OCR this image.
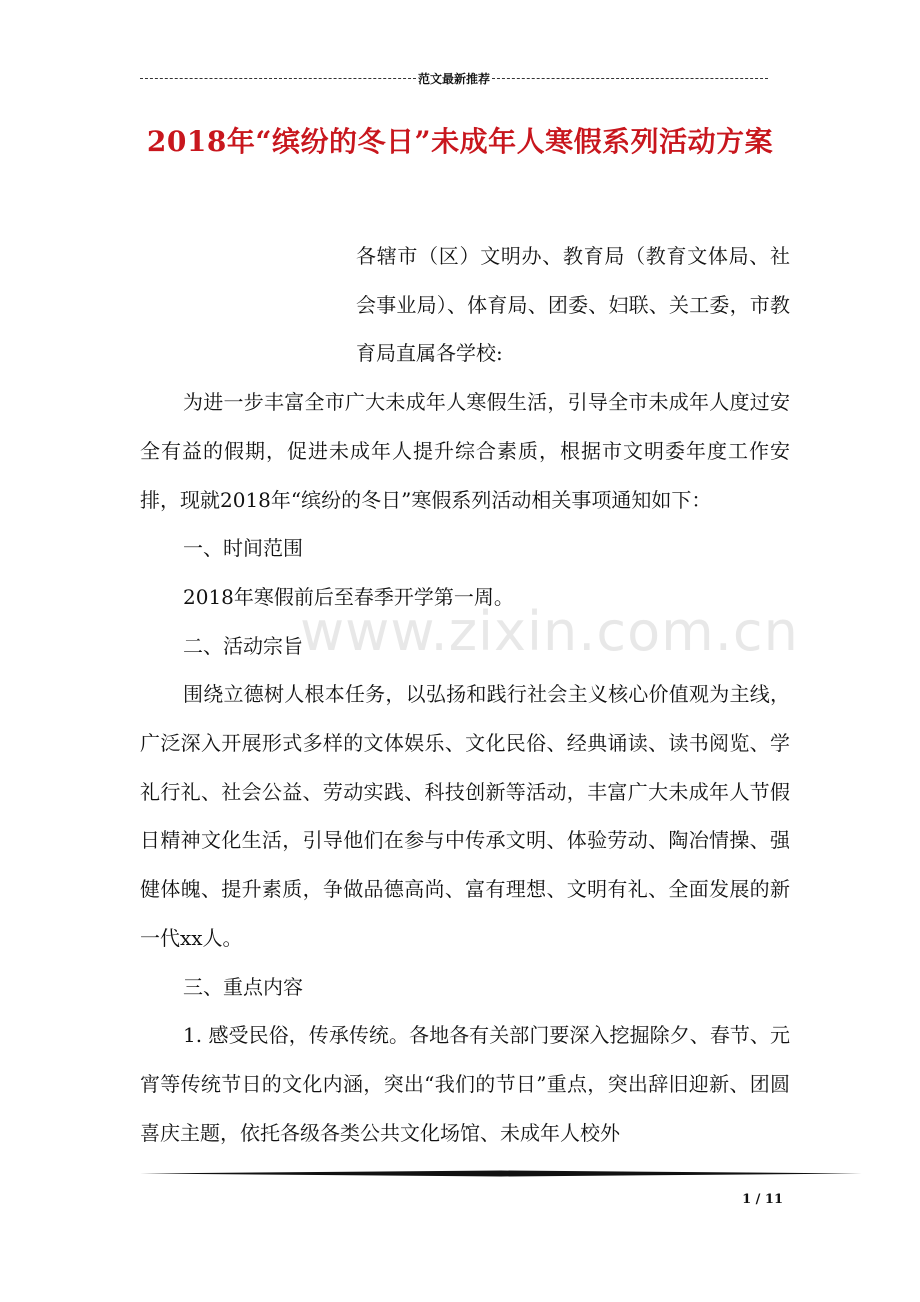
范文最新推荐
2018年“缤纷的冬日”未成年人寒假系列活动方案
www.zixin.com.cn

各辖市（区）文明办、教育局（教育文体局、社会事业局）、体育局、团委、妇联、关工委，市教育局直属各学校:

为进一步丰富全市广大未成年人寒假生活，引导全市未成年人度过安全有益的假期，促进未成年人提升综合素质，根据市文明委年度工作安排，现就2018年“缤纷的冬日”寒假系列活动相关事项通知如下：

一、时间范围

2018年寒假前后至春季开学第一周。

二、活动宗旨

围绕立德树人根本任务，以弘扬和践行社会主义核心价值观为主线，广泛深入开展形式多样的文体娱乐、文化民俗、经典诵读、读书阅览、学礼行礼、社会公益、劳动实践、科技创新等活动，丰富广大未成年人节假日精神文化生活，引导他们在参与中传承文明、体验劳动、陶冶情操、强健体魄、提升素质，争做品德高尚、富有理想、文明有礼、全面发展的新一代xx人。

三、重点内容

1. 感受民俗，传承传统。各地各有关部门要深入挖掘除夕、春节、元宵等传统节日的文化内涵，突出“我们的节日”重点，突出辞旧迎新、团圆喜庆主题，依托各级各类公共文化场馆、未成年人校外

1 / 11
